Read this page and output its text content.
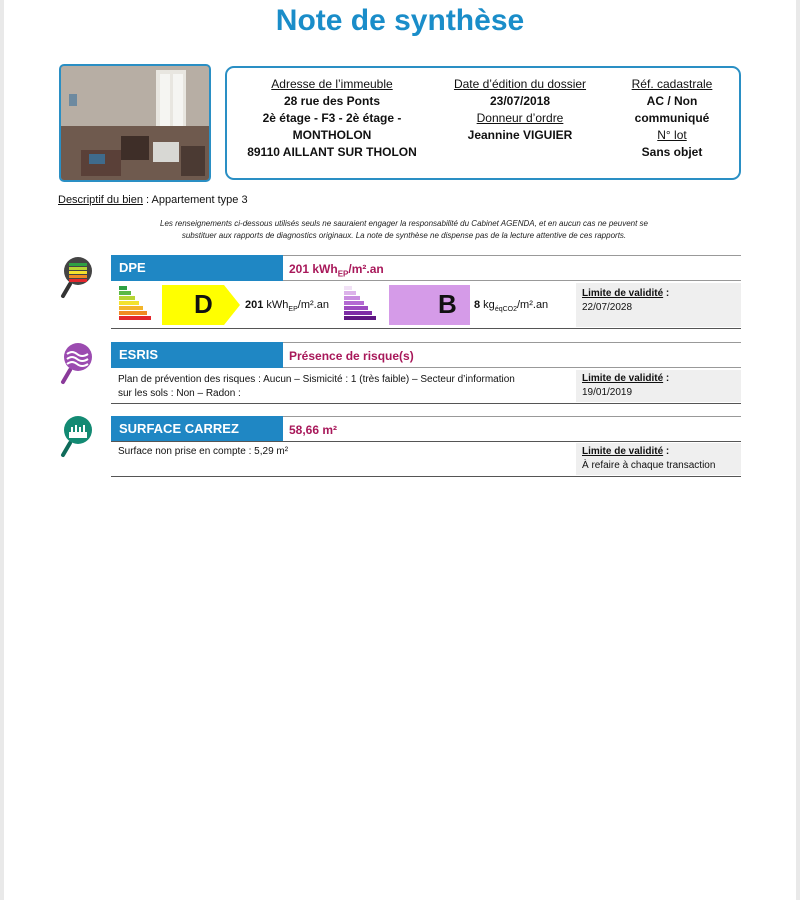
Note de synthèse
Adresse de l’immeuble
28 rue des Ponts
2è étage - F3 - 2è étage -
MONTHOLON
89110 AILLANT SUR THOLON
Date d’édition du dossier
23/07/2018
Donneur d’ordre
Jeannine VIGUIER
Réf. cadastrale
AC / Non
communiqué
N° lot
Sans objet
Descriptif du bien : Appartement type 3
Les renseignements ci-dessous utilisés seuls ne sauraient engager la responsabilité du Cabinet AGENDA, et en aucun cas ne peuvent se
substituer aux rapports de diagnostics originaux. La note de synthèse ne dispense pas de la lecture attentive de ces rapports.
DPE	201 kWh$_{EP}$/m².an
D	201 kWh$_{EP}$/m².an	B 8 $kg_{éqCO2}/m^2.an$
Limite de validité :
22/07/2028
ESRIS	Présence de risque(s)
Plan de prévention des risques : Aucun – Sismicité : 1 (très faible) – Secteur d’information
sur les sols : Non – Radon :
Limite de validité :
19/01/2019
SURFACE CARREZ	58,66 m²
Surface non prise en compte : 5,29 m²	Limite de validité :
À refaire à chaque transaction
